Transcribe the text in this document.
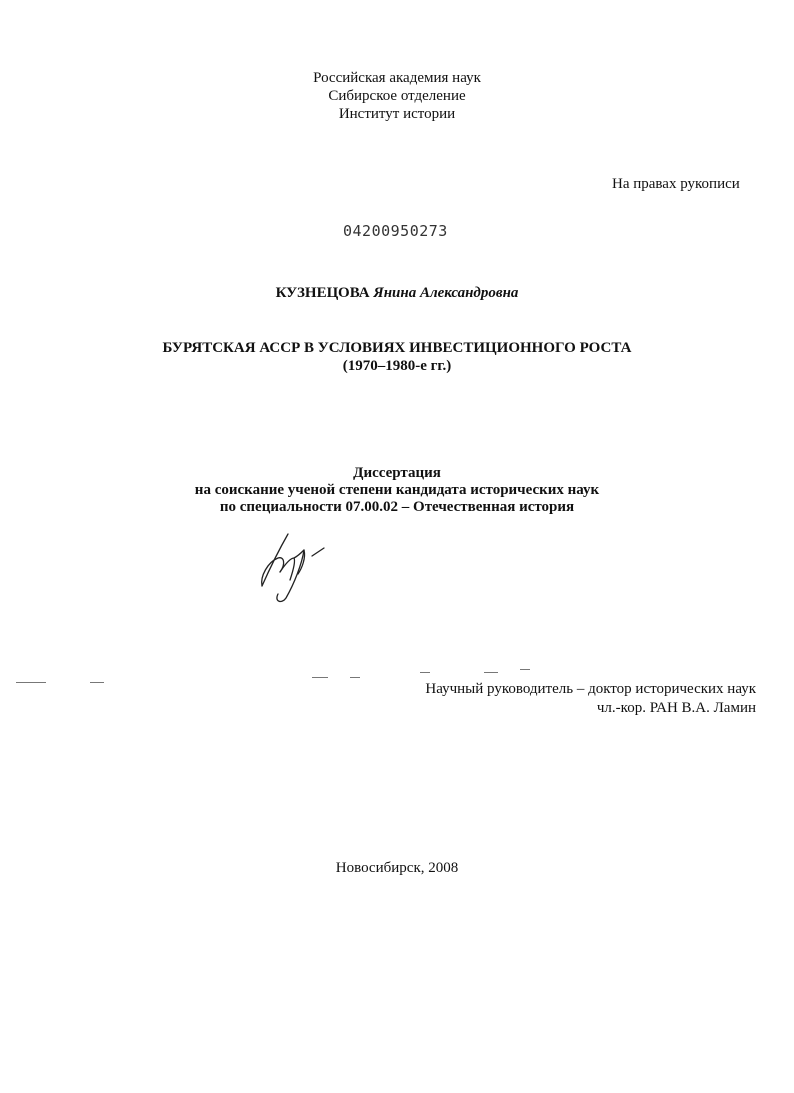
Российская академия наук
Сибирское отделение
Институт истории
На правах рукописи
04200950273
КУЗНЕЦОВА Янина Александровна
БУРЯТСКАЯ АССР В УСЛОВИЯХ ИНВЕСТИЦИОННОГО РОСТА
(1970–1980-е гг.)
Диссертация
на соискание ученой степени кандидата исторических наук
по специальности 07.00.02 – Отечественная история
Научный руководитель – доктор исторических наук
чл.-кор. РАН В.А. Ламин
Новосибирск, 2008
